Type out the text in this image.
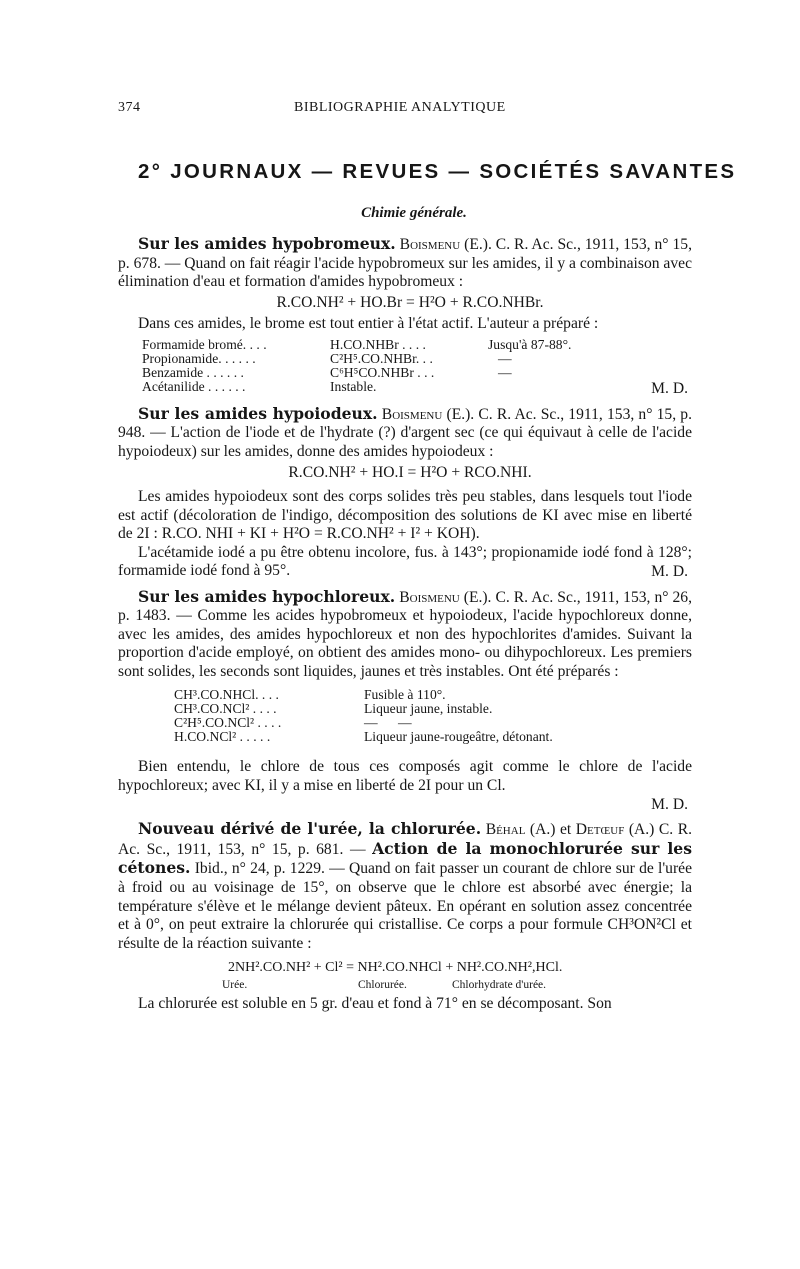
374	BIBLIOGRAPHIE ANALYTIQUE
2° JOURNAUX — REVUES — SOCIÉTÉS SAVANTES
Chimie générale.

Sur les amides hypobromeux. Boismenu (E.). C. R. Ac. Sc., 1911, 153, n° 15, p. 678. — Quand on fait réagir l'acide hypobromeux sur les amides, il y a combinaison avec élimination d'eau et formation d'amides hypobromeux :

R.CO.NH² + HO.Br = H²O + R.CO.NHBr.

Dans ces amides, le brome est tout entier à l'état actif. L'auteur a préparé :

Formamide bromé. . . .	H.CO.NHBr . . . .	Jusqu'à 87-88°.
Propionamide. . . . . .	C²H⁵.CO.NHBr. . .	—
Benzamide . . . . . .	C⁶H⁵CO.NHBr . . .	—
Acétanilide . . . . . .	Instable.		M. D.

Sur les amides hypoiodeux. Boismenu (E.). C. R. Ac. Sc., 1911, 153, n° 15, p. 948. — L'action de l'iode et de l'hydrate (?) d'argent sec (ce qui équivaut à celle de l'acide hypoiodeux) sur les amides, donne des amides hypoiodeux :

R.CO.NH² + HO.I = H²O + RCO.NHI.

Les amides hypoiodeux sont des corps solides très peu stables, dans lesquels tout l'iode est actif (décoloration de l'indigo, décomposition des solutions de KI avec mise en liberté de 2I : R.CO. NHI + KI + H²O = R.CO.NH² + I² + KOH).

L'acétamide iodé a pu être obtenu incolore, fus. à 143°; propionamide iodé fond à 128°; formamide iodé fond à 95°.	M. D.

Sur les amides hypochloreux. Boismenu (E.). C. R. Ac. Sc., 1911, 153, n° 26, p. 1483. — Comme les acides hypobromeux et hypoiodeux, l'acide hypochloreux donne, avec les amides, des amides hypochloreux et non des hypochlorites d'amides. Suivant la proportion d'acide employé, on obtient des amides mono- ou dihypochloreux. Les premiers sont solides, les seconds sont liquides, jaunes et très instables. Ont été préparés :

CH³.CO.NHCl. . . .	Fusible à 110°.
CH³.CO.NCl² . . . .	Liqueur jaune, instable.
C²H⁵.CO.NCl² . . . .	—      —
H.CO.NCl² . . . . .	Liqueur jaune-rougeâtre, détonant.

Bien entendu, le chlore de tous ces composés agit comme le chlore de l'acide hypochloreux; avec KI, il y a mise en liberté de 2I pour un Cl.

M. D.

Nouveau dérivé de l'urée, la chlorurée. Béhal (A.) et Detœuf (A.) C. R. Ac. Sc., 1911, 153, n° 15, p. 681. — Action de la monochlorurée sur les cétones. Ibid., n° 24, p. 1229. — Quand on fait passer un courant de chlore sur de l'urée à froid ou au voisinage de 15°, on observe que le chlore est absorbé avec énergie; la température s'élève et le mélange devient pâteux. En opérant en solution assez concentrée et à 0°, on peut extraire la chlorurée qui cristallise. Ce corps a pour formule CH³ON²Cl et résulte de la réaction suivante :

2NH².CO.NH² + Cl² = NH².CO.NHCl + NH².CO.NH²,HCl.
Urée.	Chlorurée.	Chlorhydrate d'urée.

La chlorurée est soluble en 5 gr. d'eau et fond à 71° en se décomposant. Son
